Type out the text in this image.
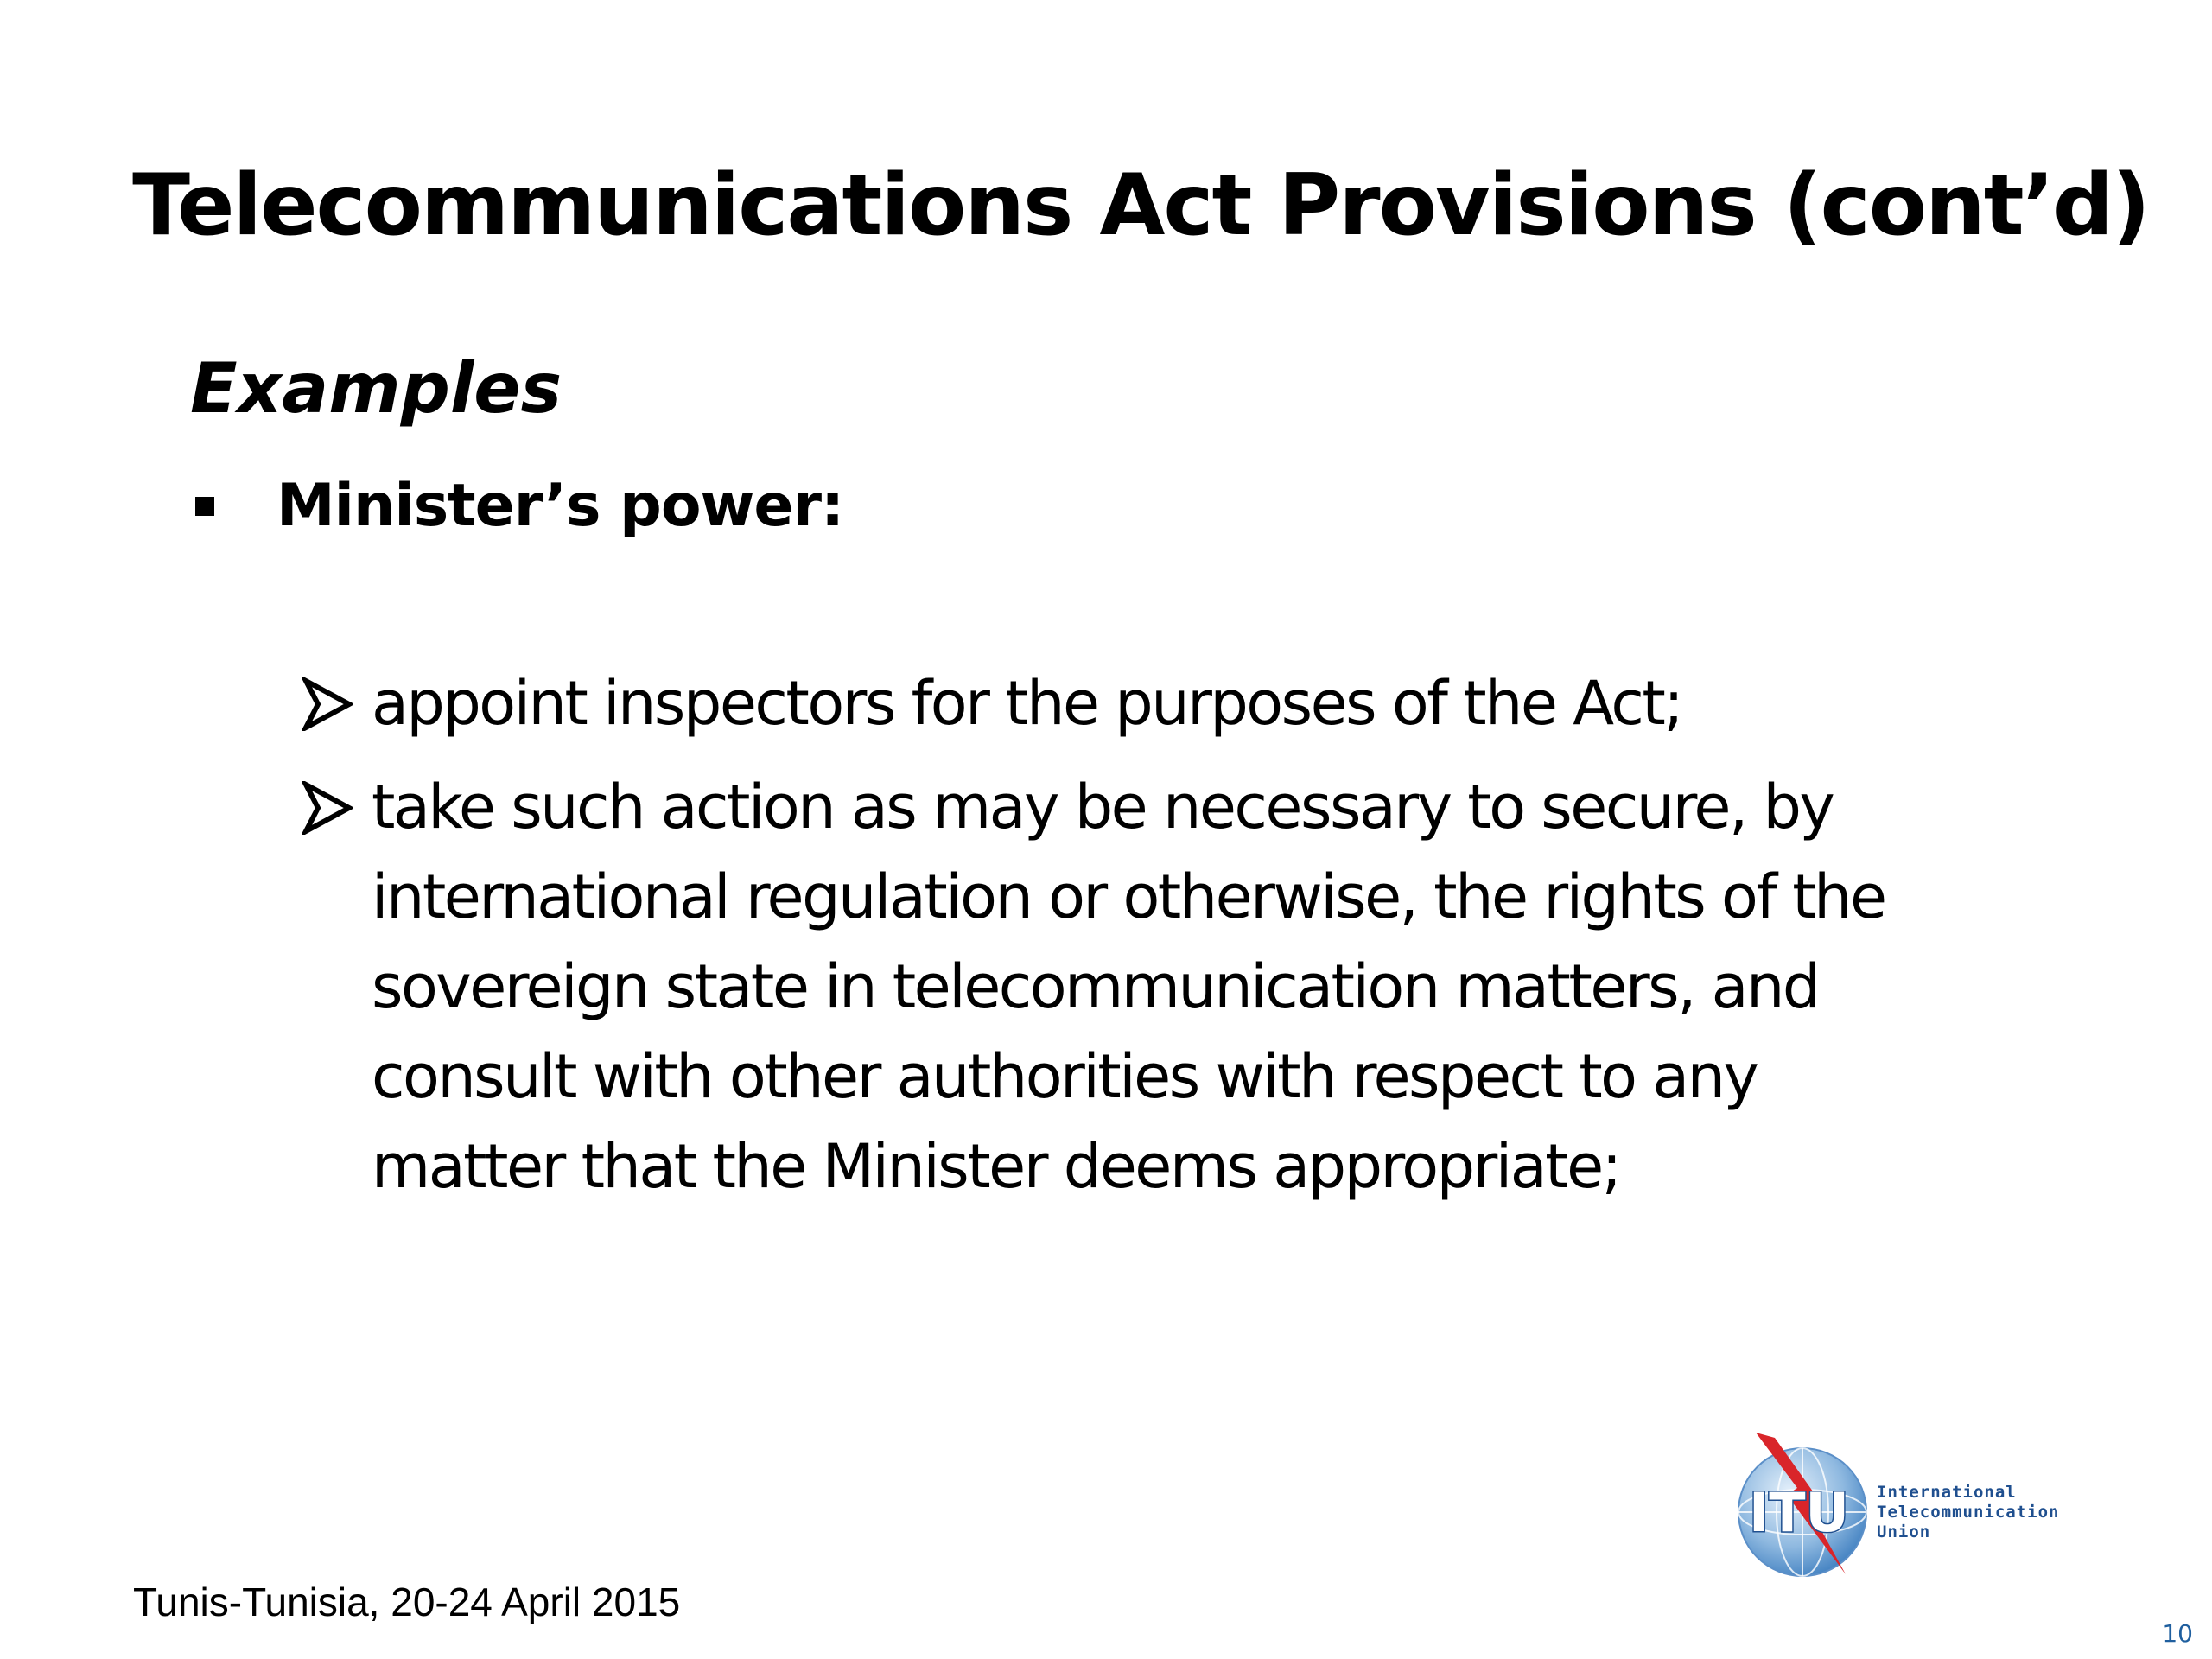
Telecommunications Act Provisions (cont’d)
Examples
Minister’s power:
appoint inspectors for the purposes of the Act;
take such action as may be necessary to secure, by
international regulation or otherwise, the rights of the
sovereign state in telecommunication matters, and
consult with other authorities with respect to any
matter that the Minister deems appropriate;
ITU International
Telecommunication
Union
Tunis-Tunisia, 20-24 April 2015
10
